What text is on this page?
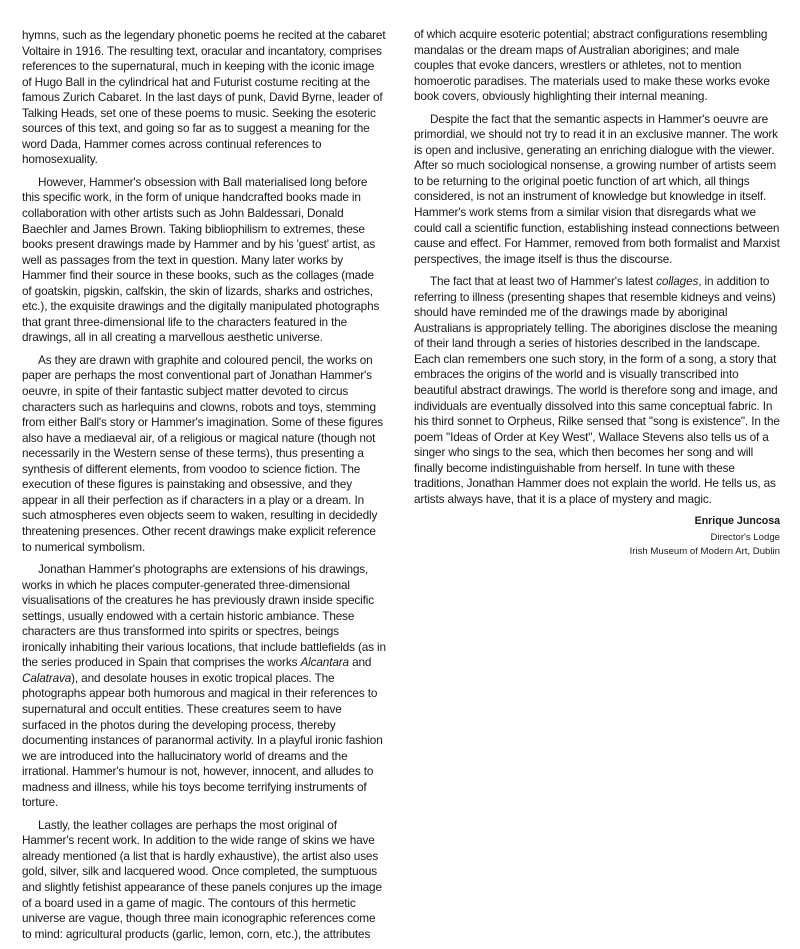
hymns, such as the legendary phonetic poems he recited at the cabaret Voltaire in 1916. The resulting text, oracular and incantatory, comprises references to the supernatural, much in keeping with the iconic image of Hugo Ball in the cylindrical hat and Futurist costume reciting at the famous Zurich Cabaret. In the last days of punk, David Byrne, leader of Talking Heads, set one of these poems to music. Seeking the esoteric sources of this text, and going so far as to suggest a meaning for the word Dada, Hammer comes across continual references to homosexuality.

However, Hammer's obsession with Ball materialised long before this specific work, in the form of unique handcrafted books made in collaboration with other artists such as John Baldessari, Donald Baechler and James Brown. Taking bibliophilism to extremes, these books present drawings made by Hammer and by his 'guest' artist, as well as passages from the text in question. Many later works by Hammer find their source in these books, such as the collages (made of goatskin, pigskin, calfskin, the skin of lizards, sharks and ostriches, etc.), the exquisite drawings and the digitally manipulated photographs that grant three-dimensional life to the characters featured in the drawings, all in all creating a marvellous aesthetic universe.

As they are drawn with graphite and coloured pencil, the works on paper are perhaps the most conventional part of Jonathan Hammer's oeuvre, in spite of their fantastic subject matter devoted to circus characters such as harlequins and clowns, robots and toys, stemming from either Ball's story or Hammer's imagination. Some of these figures also have a mediaeval air, of a religious or magical nature (though not necessarily in the Western sense of these terms), thus presenting a synthesis of different elements, from voodoo to science fiction. The execution of these figures is painstaking and obsessive, and they appear in all their perfection as if characters in a play or a dream. In such atmospheres even objects seem to waken, resulting in decidedly threatening presences. Other recent drawings make explicit reference to numerical symbolism.

Jonathan Hammer's photographs are extensions of his drawings, works in which he places computer-generated three-dimensional visualisations of the creatures he has previously drawn inside specific settings, usually endowed with a certain historic ambiance. These characters are thus transformed into spirits or spectres, beings ironically inhabiting their various locations, that include battlefields (as in the series produced in Spain that comprises the works Alcantara and Calatrava), and desolate houses in exotic tropical places. The photographs appear both humorous and magical in their references to supernatural and occult entities. These creatures seem to have surfaced in the photos during the developing process, thereby documenting instances of paranormal activity. In a playful ironic fashion we are introduced into the hallucinatory world of dreams and the irrational. Hammer's humour is not, however, innocent, and alludes to madness and illness, while his toys become terrifying instruments of torture.

Lastly, the leather collages are perhaps the most original of Hammer's recent work. In addition to the wide range of skins we have already mentioned (a list that is hardly exhaustive), the artist also uses gold, silver, silk and lacquered wood. Once completed, the sumptuous and slightly fetishist appearance of these panels conjures up the image of a board used in a game of magic. The contours of this hermetic universe are vague, though three main iconographic references come to mind: agricultural products (garlic, lemon, corn, etc.), the attributes

of which acquire esoteric potential; abstract configurations resembling mandalas or the dream maps of Australian aborigines; and male couples that evoke dancers, wrestlers or athletes, not to mention homoerotic paradises. The materials used to make these works evoke book covers, obviously highlighting their internal meaning.

Despite the fact that the semantic aspects in Hammer's oeuvre are primordial, we should not try to read it in an exclusive manner. The work is open and inclusive, generating an enriching dialogue with the viewer. After so much sociological nonsense, a growing number of artists seem to be returning to the original poetic function of art which, all things considered, is not an instrument of knowledge but knowledge in itself. Hammer's work stems from a similar vision that disregards what we could call a scientific function, establishing instead connections between cause and effect. For Hammer, removed from both formalist and Marxist perspectives, the image itself is thus the discourse.

The fact that at least two of Hammer's latest collages, in addition to referring to illness (presenting shapes that resemble kidneys and veins) should have reminded me of the drawings made by aboriginal Australians is appropriately telling. The aborigines disclose the meaning of their land through a series of histories described in the landscape. Each clan remembers one such story, in the form of a song, a story that embraces the origins of the world and is visually transcribed into beautiful abstract drawings. The world is therefore song and image, and individuals are eventually dissolved into this same conceptual fabric. In his third sonnet to Orpheus, Rilke sensed that "song is existence". In the poem "Ideas of Order at Key West", Wallace Stevens also tells us of a singer who sings to the sea, which then becomes her song and will finally become indistinguishable from herself. In tune with these traditions, Jonathan Hammer does not explain the world. He tells us, as artists always have, that it is a place of mystery and magic.

Enrique Juncosa
Director's Lodge
Irish Museum of Modern Art, Dublin
